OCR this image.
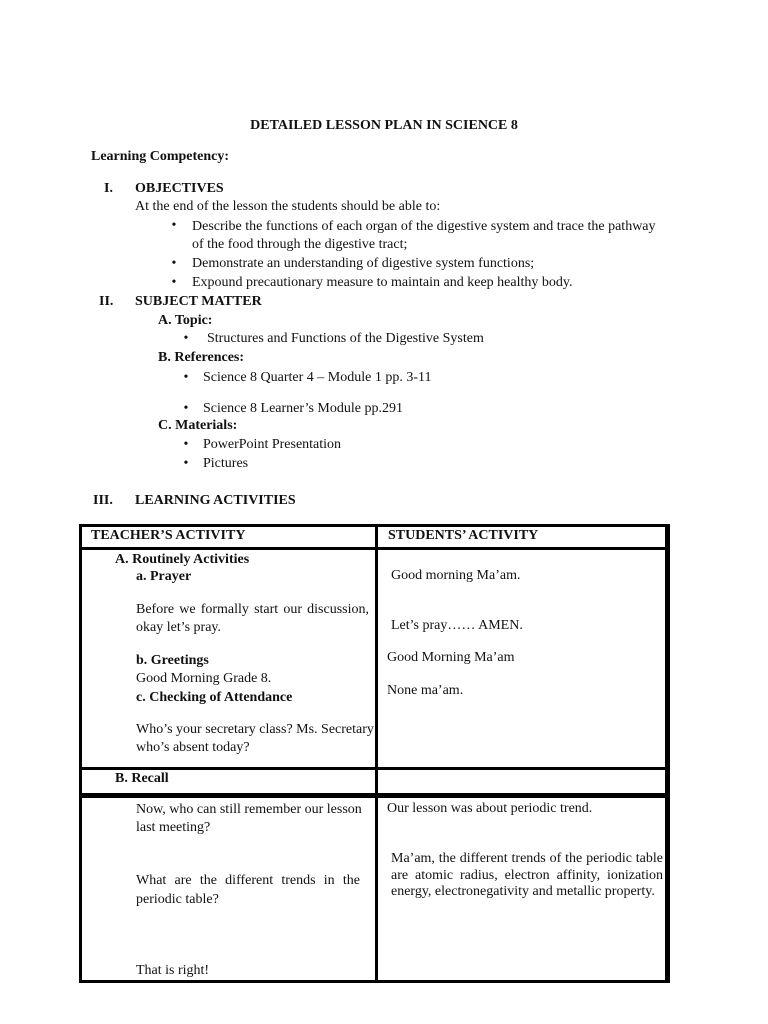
DETAILED LESSON PLAN IN SCIENCE 8
Learning Competency:
I. OBJECTIVES
At the end of the lesson the students should be able to:
• Describe the functions of each organ of the digestive system and trace the pathway of the food through the digestive tract;
• Demonstrate an understanding of digestive system functions;
• Expound precautionary measure to maintain and keep healthy body.
II. SUBJECT MATTER
A. Topic:
• Structures and Functions of the Digestive System
B. References:
• Science 8 Quarter 4 – Module 1 pp. 3-11
• Science 8 Learner’s Module pp.291
C. Materials:
• PowerPoint Presentation
• Pictures
III. LEARNING ACTIVITIES
TEACHER’S ACTIVITY	STUDENTS’ ACTIVITY
A. Routinely Activities
a. Prayer
Before we formally start our discussion, okay let’s pray.
b. Greetings
Good Morning Grade 8.
c. Checking of Attendance
Who’s your secretary class? Ms. Secretary who’s absent today?
Good morning Ma’am.
Let’s pray…… AMEN.
Good Morning Ma’am
None ma’am.
B. Recall
Now, who can still remember our lesson last meeting?
What are the different trends in the periodic table?
That is right!
Our lesson was about periodic trend.
Ma’am, the different trends of the periodic table are atomic radius, electron affinity, ionization energy, electronegativity and metallic property.
